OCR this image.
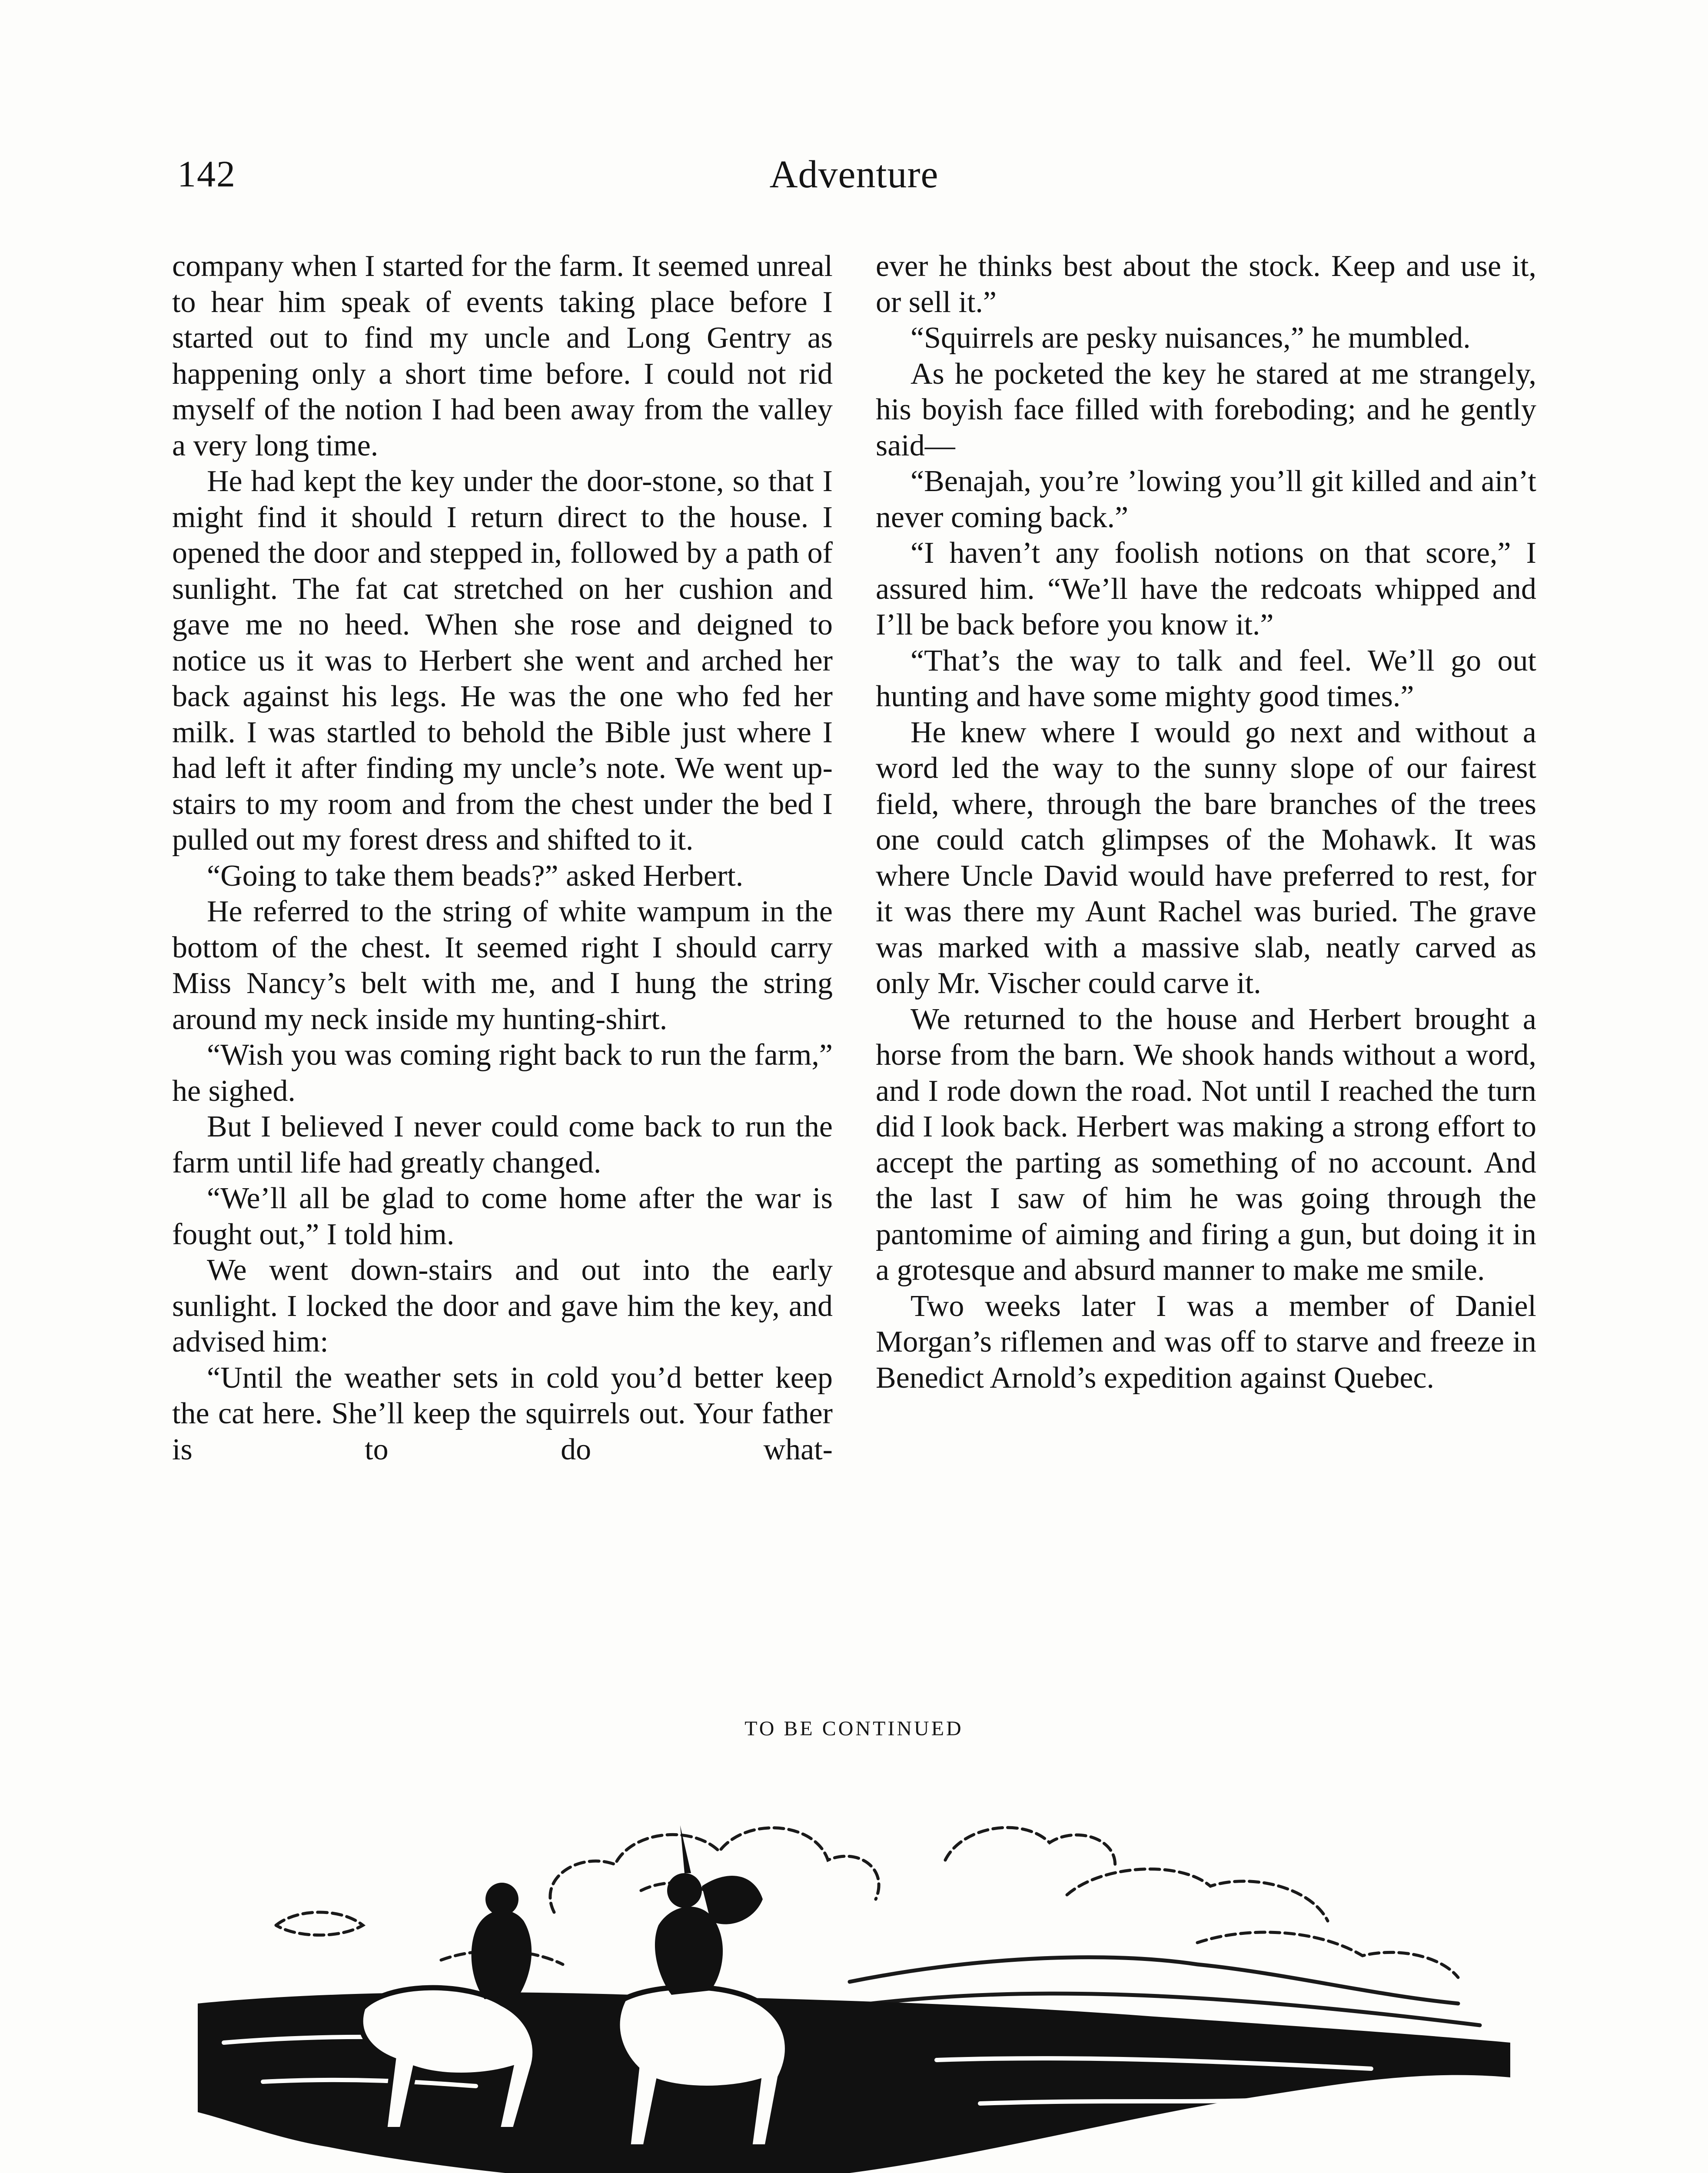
142	Adventure

company when I started for the farm. It seemed unreal to hear him speak of events taking place before I started out to find my uncle and Long Gentry as happening only a short time before. I could not rid myself of the notion I had been away from the valley a very long time.

He had kept the key under the door-stone, so that I might find it should I return direct to the house. I opened the door and stepped in, followed by a path of sunlight. The fat cat stretched on her cushion and gave me no heed. When she rose and deigned to notice us it was to Herbert she went and arched her back against his legs. He was the one who fed her milk. I was startled to behold the Bible just where I had left it after finding my uncle’s note. We went up-stairs to my room and from the chest under the bed I pulled out my forest dress and shifted to it.

“Going to take them beads?” asked Herbert.

He referred to the string of white wampum in the bottom of the chest. It seemed right I should carry Miss Nancy’s belt with me, and I hung the string around my neck inside my hunting-shirt.

“Wish you was coming right back to run the farm,” he sighed.

But I believed I never could come back to run the farm until life had greatly changed.

“We’ll all be glad to come home after the war is fought out,” I told him.

We went down-stairs and out into the early sunlight. I locked the door and gave him the key, and advised him:

“Until the weather sets in cold you’d better keep the cat here. She’ll keep the squirrels out. Your father is to do what-

ever he thinks best about the stock. Keep and use it, or sell it.”

“Squirrels are pesky nuisances,” he mumbled.

As he pocketed the key he stared at me strangely, his boyish face filled with foreboding; and he gently said—

“Benajah, you’re ’lowing you’ll git killed and ain’t never coming back.”

“I haven’t any foolish notions on that score,” I assured him. “We’ll have the redcoats whipped and I’ll be back before you know it.”

“That’s the way to talk and feel. We’ll go out hunting and have some mighty good times.”

He knew where I would go next and without a word led the way to the sunny slope of our fairest field, where, through the bare branches of the trees one could catch glimpses of the Mohawk. It was where Uncle David would have preferred to rest, for it was there my Aunt Rachel was buried. The grave was marked with a massive slab, neatly carved as only Mr. Vischer could carve it.

We returned to the house and Herbert brought a horse from the barn. We shook hands without a word, and I rode down the road. Not until I reached the turn did I look back. Herbert was making a strong effort to accept the parting as something of no account. And the last I saw of him he was going through the pantomime of aiming and firing a gun, but doing it in a grotesque and absurd manner to make me smile.

Two weeks later I was a member of Daniel Morgan’s riflemen and was off to starve and freeze in Benedict Arnold’s expedition against Quebec.

TO BE CONTINUED
